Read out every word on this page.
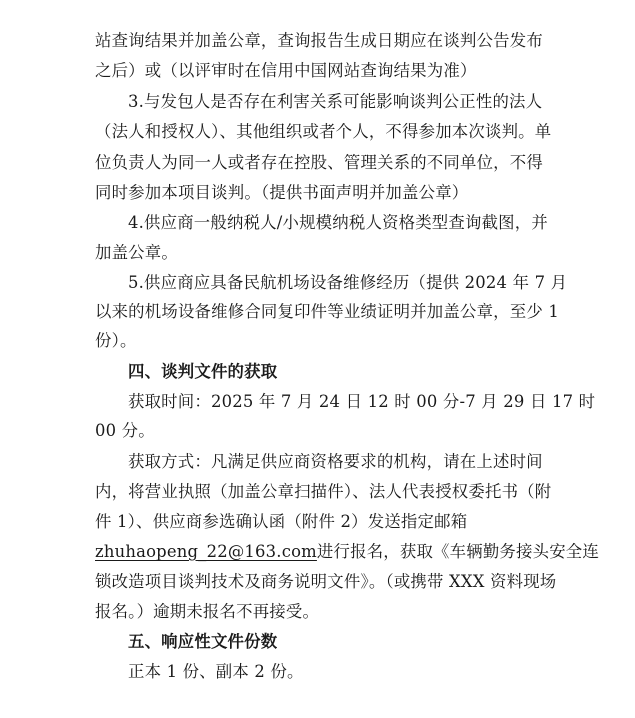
站查询结果并加盖公章，查询报告生成日期应在谈判公告发布
之后）或（以评审时在信用中国网站查询结果为准）
3.与发包人是否存在利害关系可能影响谈判公正性的法人
（法人和授权人）、其他组织或者个人，不得参加本次谈判。单
位负责人为同一人或者存在控股、管理关系的不同单位，不得
同时参加本项目谈判。（提供书面声明并加盖公章）
4.供应商一般纳税人/小规模纳税人资格类型查询截图，并
加盖公章。
5.供应商应具备民航机场设备维修经历（提供 2024 年 7 月
以来的机场设备维修合同复印件等业绩证明并加盖公章，至少 1
份）。
四、谈判文件的获取
获取时间：2025 年 7 月 24 日 12 时 00 分-7 月 29 日 17 时
00 分。
获取方式：凡满足供应商资格要求的机构，请在上述时间
内，将营业执照（加盖公章扫描件）、法人代表授权委托书（附
件 1）、供应商参选确认函（附件 2）发送指定邮箱
zhuhaopeng_22@163.com进行报名，获取《车辆勤务接头安全连
锁改造项目谈判技术及商务说明文件》。（或携带 XXX 资料现场
报名。）逾期未报名不再接受。
五、响应性文件份数
正本 1 份、副本 2 份。
